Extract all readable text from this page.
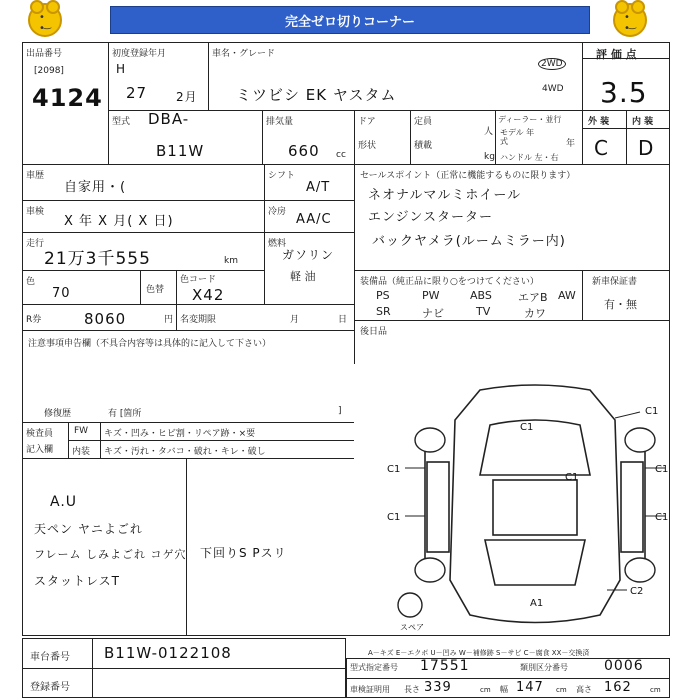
• • ‿
完全ゼロ切りコーナー
• • ‿
出品番号
[2098]
4124
初度登録年月
H
27 2月
車名・グレード
ミツビシ EK ヤスタム
2WD
4WD
評 価 点
3.5
型式 DBA-
B11W
排気量
660 cc
ドア	定員
人
形状	積載
kg
ディーラー・並行
モデル 年式	年
ハンドル 左・右
外 装	内 装
C D
車歴
自家用・(
車検
X 年 X 月( X 日)
走行
21万3千555	km
色
70	色替
色コード
X42
R券	8060	円 名変期限	月	日
シフト
A/T
冷房 AA/C
燃料
ガソリン
軽 油
セールスポイント（正常に機能するものに限ります）
ネオナルマルミホイール
エンジンスターター
バックヤメラ(ルームミラー内)
装備品（純正品に限り○をつけてください）	新車保証書
有・無
PS	PW	ABS エアB AW
SR	ナビ	TV	カワ
後日品
注意事項申告欄（不具合内容等は具体的に記入して下さい）
修復歴	有 [箇所	]
検査員
記入欄
FW キズ・凹み・ヒビ割・リペア跡・×要
内装 キズ・汚れ・タバコ・破れ・キレ・破し
A.U
天ペン ヤニよごれ
フレーム しみよごれ コゲ穴
スタットレスT
下回りS Pスリ
C1
C1
C1
C1	C1
C1	C1
C2
A1
スペア
A－キズ E－エクボ U－凹み W－補修跡 S－サビ C－腐食 XX－交換済
車台番号 B11W-0122108
登録番号
型式指定番号 17551	類別区分番号	0006
車検証明用 長さ 339	cm 幅 147 cm 高さ 162	cm
